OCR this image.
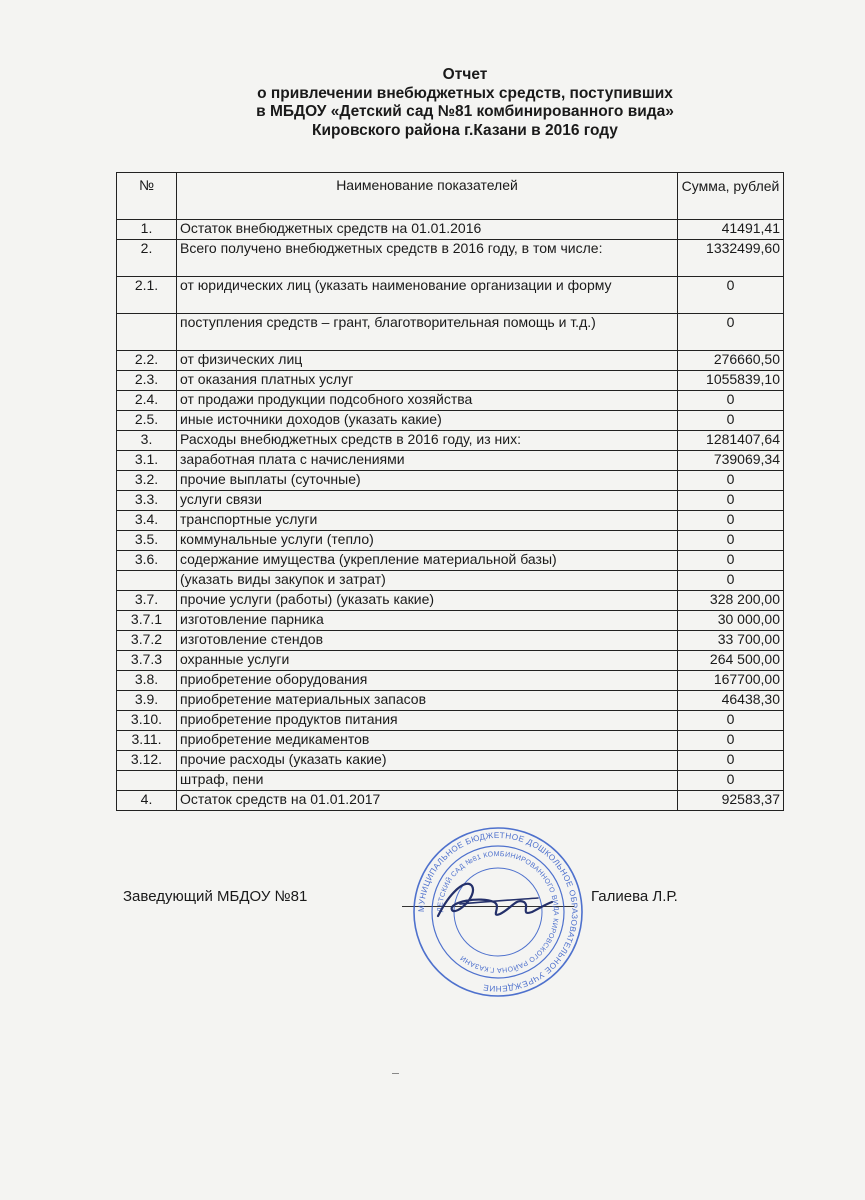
Отчет
о привлечении внебюджетных средств, поступивших
в МБДОУ «Детский сад №81 комбинированного вида»
Кировского района г.Казани в 2016 году
№	Наименование показателей	Сумма, рублей
1.	Остаток внебюджетных средств на 01.01.2016	41491,41
2.	Всего получено внебюджетных средств в 2016 году, в том числе:	1332499,60
2.1.	от юридических лиц (указать наименование организации и форму	0
	поступления средств – грант, благотворительная помощь и т.д.)	0
2.2.	от физических лиц	276660,50
2.3.	от оказания платных услуг	1055839,10
2.4.	от продажи продукции подсобного хозяйства	0
2.5.	иные источники доходов (указать какие)	0
3.	Расходы внебюджетных средств в 2016 году, из них:	1281407,64
3.1.	заработная плата с начислениями	739069,34
3.2.	прочие выплаты (суточные)	0
3.3.	услуги связи	0
3.4.	транспортные услуги	0
3.5.	коммунальные услуги (тепло)	0
3.6.	содержание имущества (укрепление материальной базы)	0
	(указать виды закупок и затрат)	0
3.7.	прочие услуги (работы) (указать какие)	328 200,00
3.7.1	изготовление парника	30 000,00
3.7.2	изготовление стендов	33 700,00
3.7.3	охранные услуги	264 500,00
3.8.	приобретение оборудования	167700,00
3.9.	приобретение материальных запасов	46438,30
3.10.	приобретение продуктов питания	0
3.11.	приобретение медикаментов	0
3.12.	прочие расходы (указать какие)	0
	штраф, пени	0
4.	Остаток средств на 01.01.2017	92583,37
Заведующий МБДОУ №81	Галиева Л.Р.
МУНИЦИПАЛЬНОЕ БЮДЖЕТНОЕ ДОШКОЛЬНОЕ ОБРАЗОВАТЕЛЬНОЕ УЧРЕЖДЕНИЕ
ДЕТСКИЙ САД №81 КОМБИНИРОВАННОГО ВИДА КИРОВСКОГО РАЙОНА Г.КАЗАНИ
